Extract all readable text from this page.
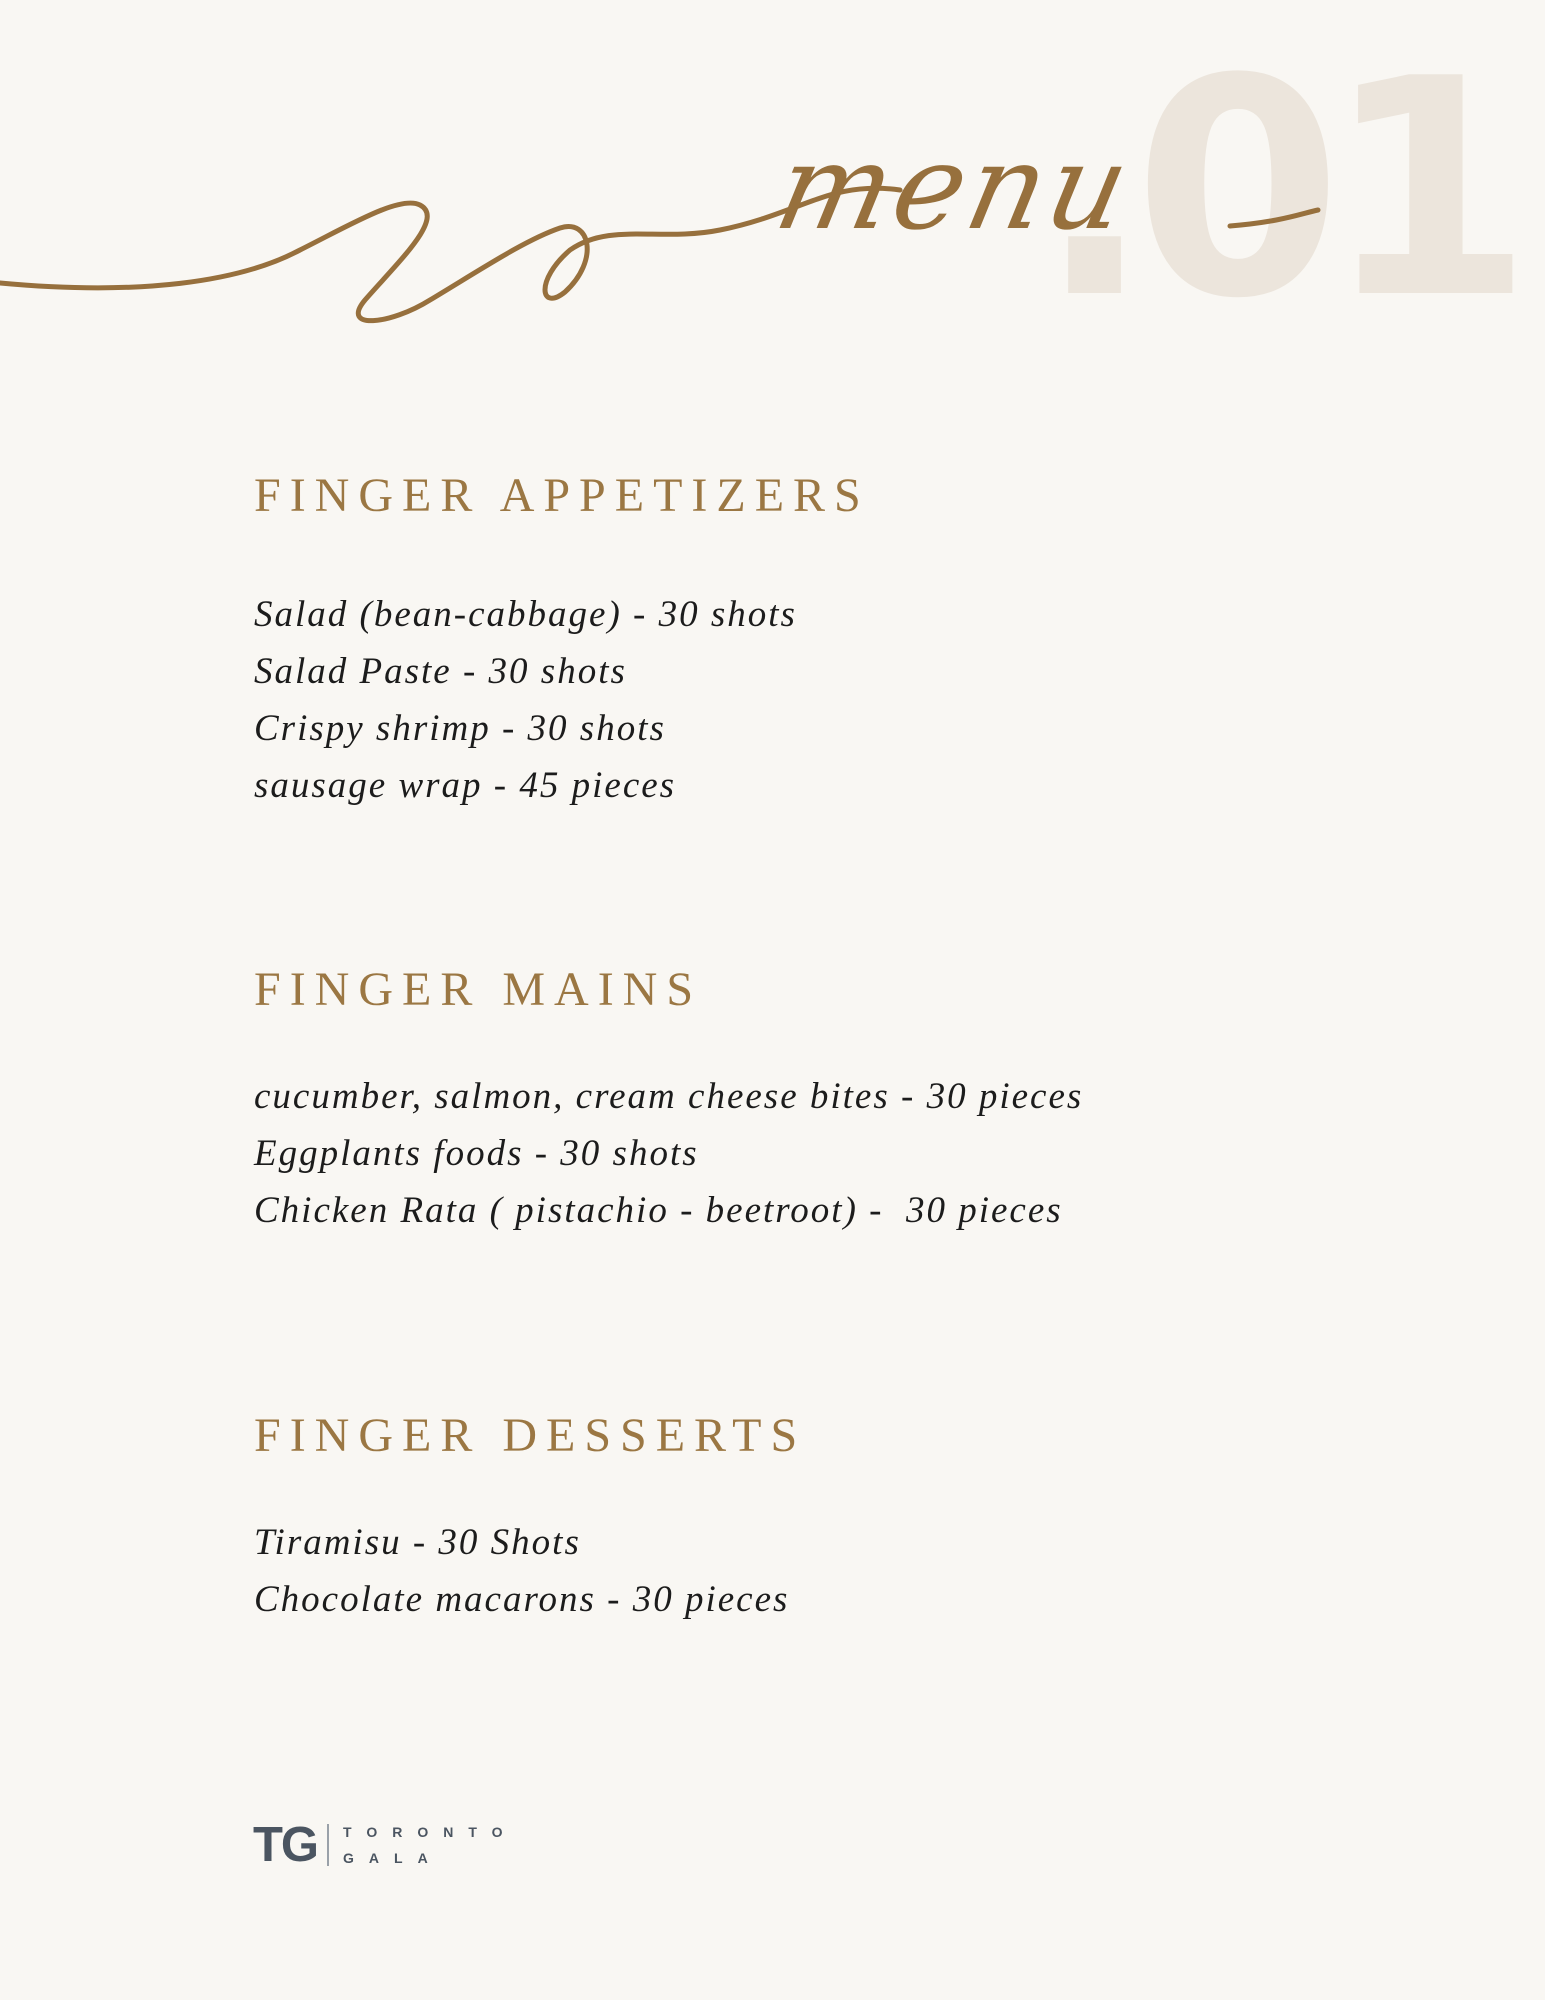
.01
menu
FINGER APPETIZERS
Salad (bean-cabbage) - 30 shots
Salad Paste - 30 shots
Crispy shrimp - 30 shots
sausage wrap - 45 pieces
FINGER MAINS
cucumber, salmon, cream cheese bites - 30 pieces
Eggplants foods - 30 shots
Chicken Rata ( pistachio - beetroot) -  30 pieces
FINGER DESSERTS
Tiramisu - 30 Shots
Chocolate macarons - 30 pieces
TG TORONTO
GALA
